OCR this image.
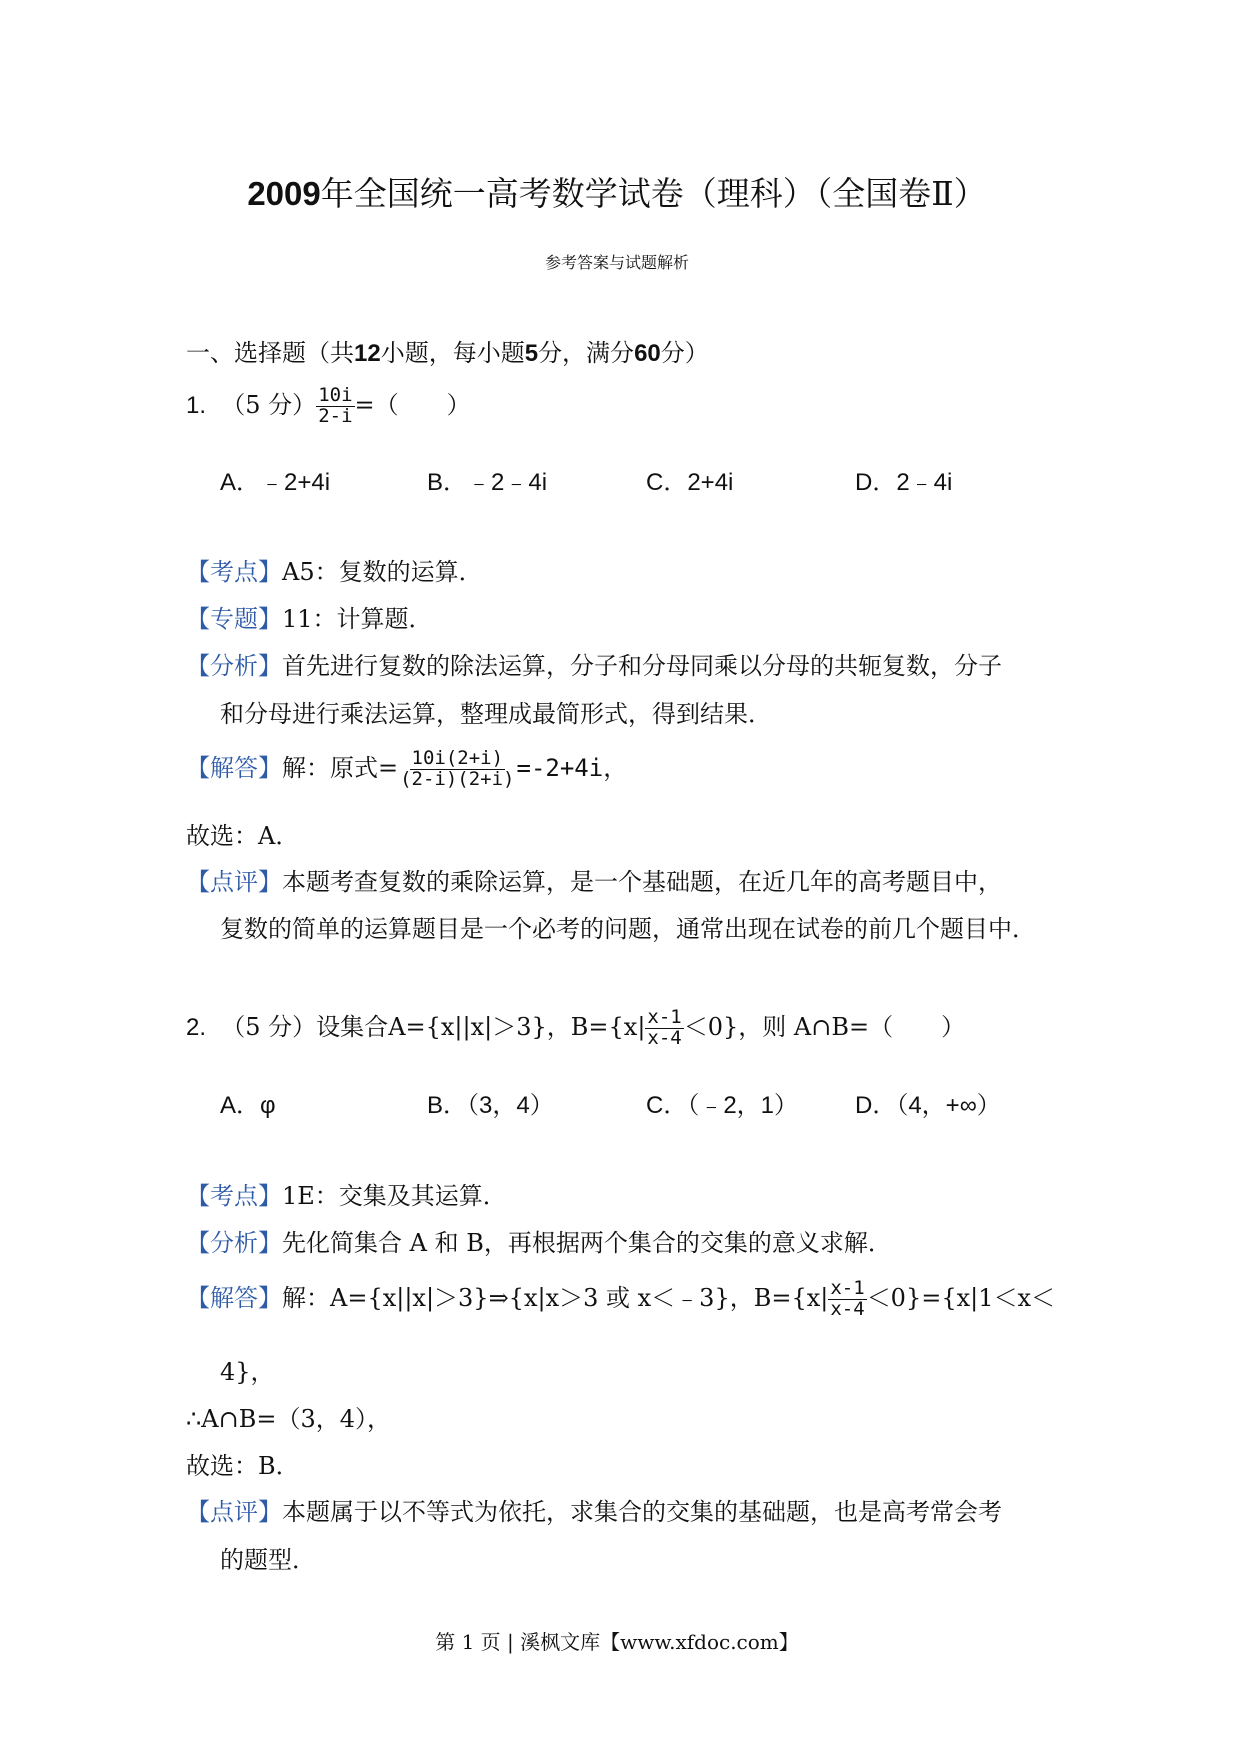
2009年全国统一高考数学试卷（理科）（全国卷Ⅱ）
参考答案与试题解析
一、选择题（共12小题，每小题5分，满分60分）
1. （5 分） $\frac{10i}{2-i}$ =（　　）
A．﹣2+4i	B．﹣2﹣4i	C．2+4i	D．2﹣4i
【考点】A5：复数的运算．
【专题】11：计算题．
【分析】首先进行复数的除法运算，分子和分母同乘以分母的共轭复数，分子
和分母进行乘法运算，整理成最简形式，得到结果．
【解答】解：原式= $\frac{10i(2+i)}{(2-i)(2+i)} =-2+4i$，
故选：A．
【点评】本题考查复数的乘除运算，是一个基础题，在近几年的高考题目中，
复数的简单的运算题目是一个必考的问题，通常出现在试卷的前几个题目中．
2. （5 分）设集合A={x||x|＞3}，$B=\{x| \frac{x-1}{x-4} <0\}$，则 A∩B=（　　）
A．φ	B．（3，4）	C．（﹣2，1） D．（4，+∞）
【考点】1E：交集及其运算．
【分析】先化简集合 A 和 B，再根据两个集合的交集的意义求解．
【解答】解：A={x||x|＞3}⇒{x|x＞3 或 x＜﹣3}，$B=\{x| \frac{x-1}{x-4} <0\}=\{x|1<x<$
4}，
∴A∩B=（3，4），
故选：B．
【点评】本题属于以不等式为依托，求集合的交集的基础题，也是高考常会考
的题型．
第 1 页 | 溪枫文库【www.xfdoc.com】
